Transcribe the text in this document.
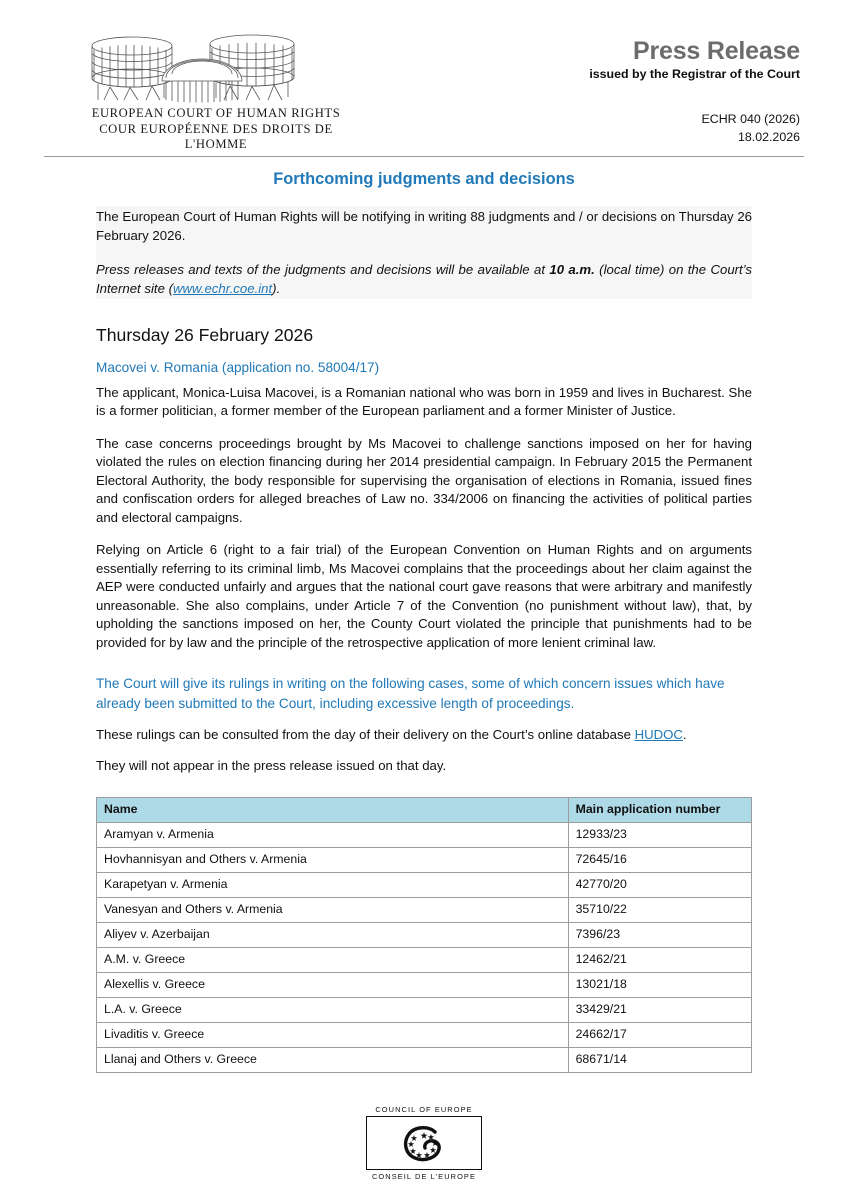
EUROPEAN COURT OF HUMAN RIGHTS
COUR EUROPÉENNE DES DROITS DE L'HOMME
Press Release
issued by the Registrar of the Court
ECHR 040 (2026)
18.02.2026
Forthcoming judgments and decisions

The European Court of Human Rights will be notifying in writing 88 judgments and / or decisions on Thursday 26 February 2026.

Press releases and texts of the judgments and decisions will be available at 10 a.m. (local time) on the Court’s Internet site (www.echr.coe.int).

Thursday 26 February 2026
Macovei v. Romania (application no. 58004/17)

The applicant, Monica-Luisa Macovei, is a Romanian national who was born in 1959 and lives in Bucharest. She is a former politician, a former member of the European parliament and a former Minister of Justice.

The case concerns proceedings brought by Ms Macovei to challenge sanctions imposed on her for having violated the rules on election financing during her 2014 presidential campaign. In February 2015 the Permanent Electoral Authority, the body responsible for supervising the organisation of elections in Romania, issued fines and confiscation orders for alleged breaches of Law no. 334/2006 on financing the activities of political parties and electoral campaigns.

Relying on Article 6 (right to a fair trial) of the European Convention on Human Rights and on arguments essentially referring to its criminal limb, Ms Macovei complains that the proceedings about her claim against the AEP were conducted unfairly and argues that the national court gave reasons that were arbitrary and manifestly unreasonable. She also complains, under Article 7 of the Convention (no punishment without law), that, by upholding the sanctions imposed on her, the County Court violated the principle that punishments had to be provided for by law and the principle of the retrospective application of more lenient criminal law.

The Court will give its rulings in writing on the following cases, some of which concern issues which have already been submitted to the Court, including excessive length of proceedings.

These rulings can be consulted from the day of their delivery on the Court’s online database HUDOC.

They will not appear in the press release issued on that day.

Name	Main application number
Aramyan v. Armenia	12933/23
Hovhannisyan and Others v. Armenia	72645/16
Karapetyan v. Armenia	42770/20
Vanesyan and Others v. Armenia	35710/22
Aliyev v. Azerbaijan	7396/23
A.M. v. Greece	12462/21
Alexellis v. Greece	13021/18
L.A. v. Greece	33429/21
Livaditis v. Greece	24662/17
Llanaj and Others v. Greece	68671/14
COUNCIL OF EUROPE
CONSEIL DE L’EUROPE
